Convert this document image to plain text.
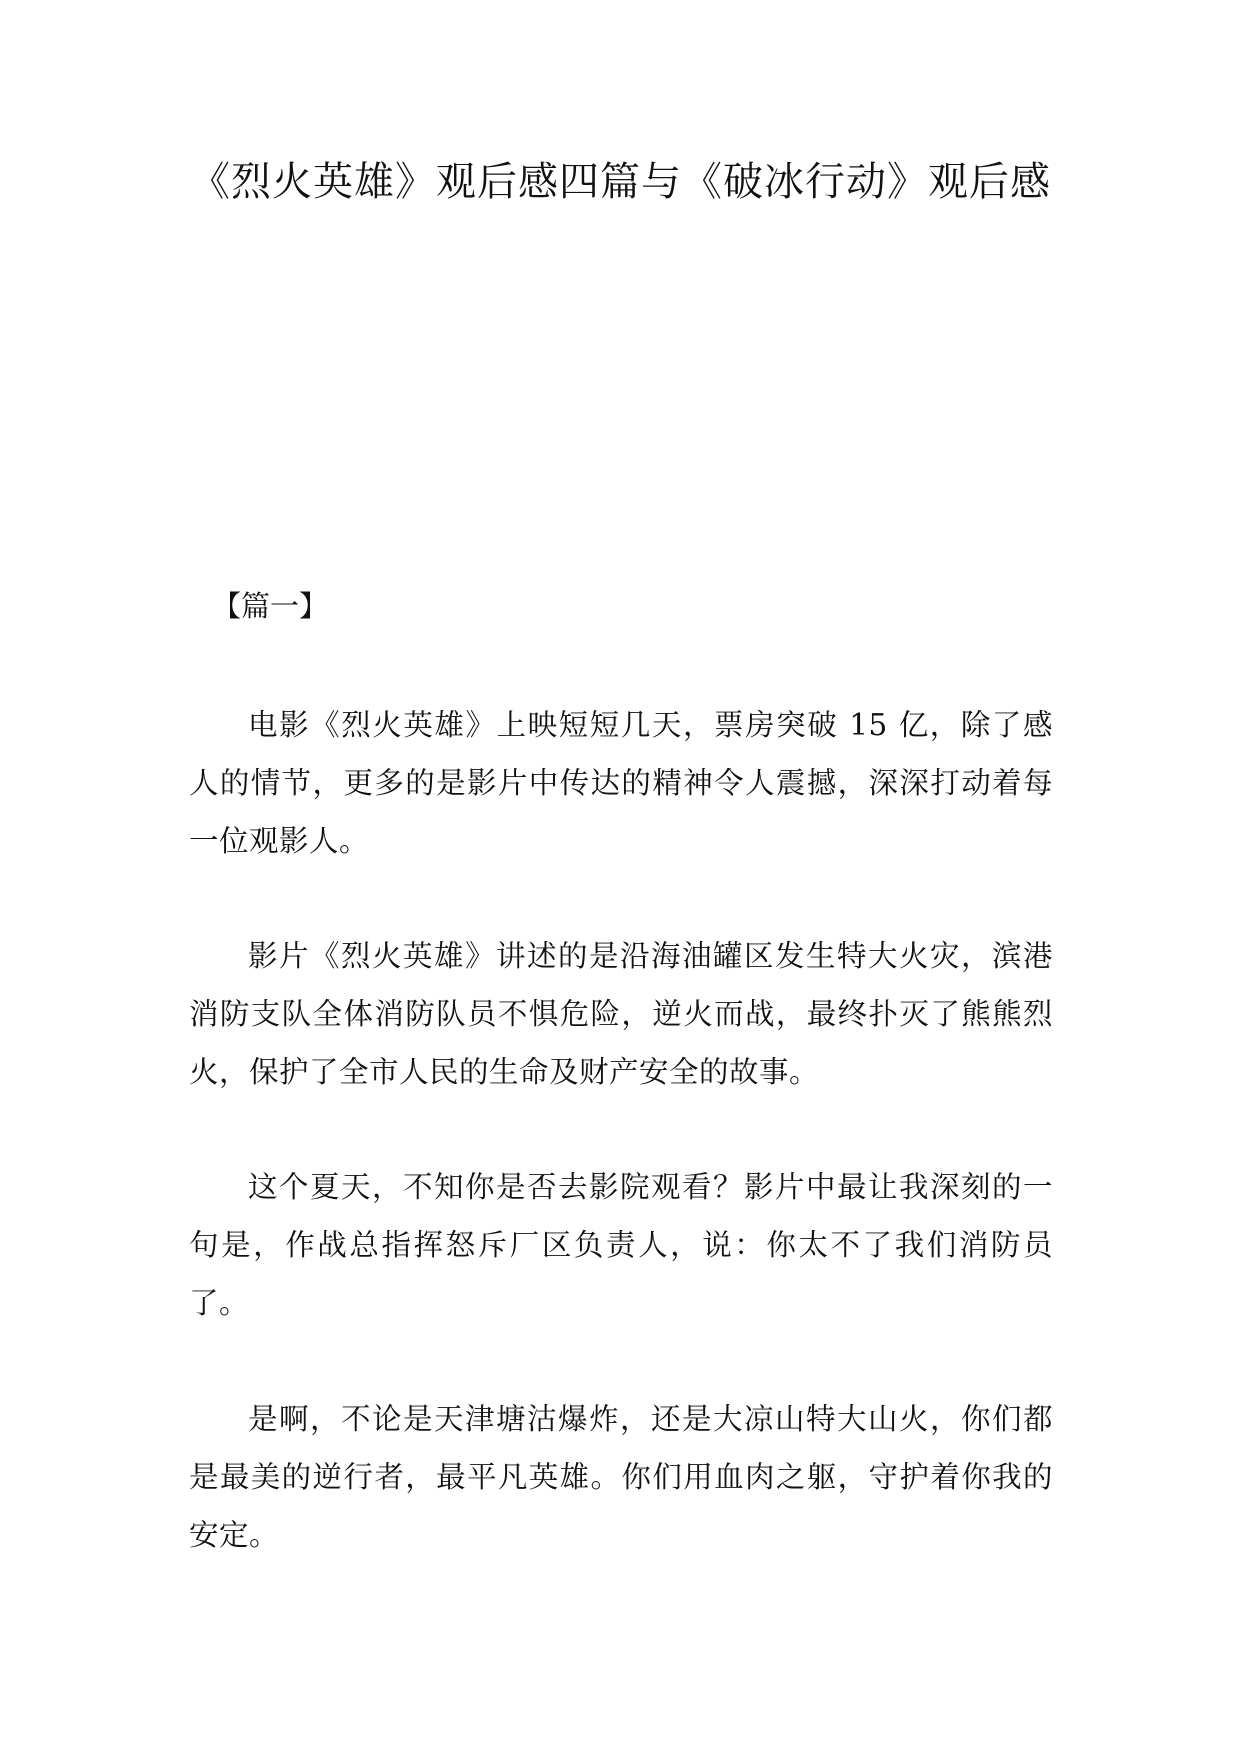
《烈火英雄》观后感四篇与《破冰行动》观后感

【篇一】

电影《烈火英雄》上映短短几天，票房突破 15 亿，除了感人的情节，更多的是影片中传达的精神令人震撼，深深打动着每一位观影人。

影片《烈火英雄》讲述的是沿海油罐区发生特大火灾，滨港消防支队全体消防队员不惧危险，逆火而战，最终扑灭了熊熊烈火，保护了全市人民的生命及财产安全的故事。

这个夏天，不知你是否去影院观看？影片中最让我深刻的一句是，作战总指挥怒斥厂区负责人，说：你太不了我们消防员了。

是啊，不论是天津塘沽爆炸，还是大凉山特大山火，你们都是最美的逆行者，最平凡英雄。你们用血肉之躯，守护着你我的安定。
